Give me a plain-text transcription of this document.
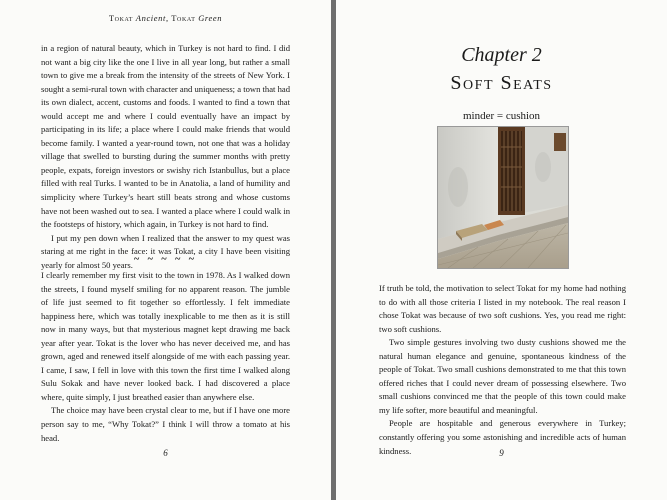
Tokat Ancient, Tokat Green

in a region of natural beauty, which in Turkey is not hard to find. I did not want a big city like the one I live in all year long, but rather a small town to give me a break from the intensity of the streets of New York. I sought a semi-rural town with character and uniqueness; a town that had its own dialect, accent, customs and foods. I wanted to find a town that would accept me and where I could eventually have an impact by participating in its life; a place where I could make friends that would become family. I wanted a year-round town, not one that was a holiday village that swelled to bursting during the summer months with pretty people, expats, foreign investors or swishy rich Istanbullus, but a place filled with real Turks. I wanted to be in Anatolia, a land of humility and simplicity where Turkey’s heart still beats strong and whose customs have not been washed out to sea. I wanted a place where I could walk in the footsteps of history, which again, in Turkey is not hard to find.

I put my pen down when I realized that the answer to my quest was staring at me right in the face: it was Tokat, a city I have been visiting yearly for almost 50 years. ~ ~ ~ ~ ~

I clearly remember my first visit to the town in 1978. As I walked down the streets, I found myself smiling for no apparent reason. The jumble of life just seemed to fit together so effortlessly. I felt immediate happiness here, which was totally inexplicable to me then as it is still now in many ways, but that mysterious magnet kept drawing me back year after year. Tokat is the lover who has never deceived me, and has grown, aged and renewed itself alongside of me with each passing year. I came, I saw, I fell in love with this town the first time I walked along Sulu Sokak and have never looked back. I had discovered a place where, quite simply, I just breathed easier than anywhere else.

The choice may have been crystal clear to me, but if I have one more person say to me, “Why Tokat?” I think I will throw a tomato at his head.

6
Chapter 2
Soft Seats
minder = cushion

If truth be told, the motivation to select Tokat for my home had nothing to do with all those criteria I listed in my notebook. The real reason I chose Tokat was because of two soft cushions. Yes, you read me right: two soft cushions.

Two simple gestures involving two dusty cushions showed me the natural human elegance and genuine, spontaneous kindness of the people of Tokat. Two small cushions demonstrated to me that this town offered riches that I could never dream of possessing elsewhere. Two small cushions convinced me that the people of this town could make my life softer, more beautiful and meaningful.

People are hospitable and generous everywhere in Turkey; constantly offering you some astonishing and incredible acts of human kindness.	9
